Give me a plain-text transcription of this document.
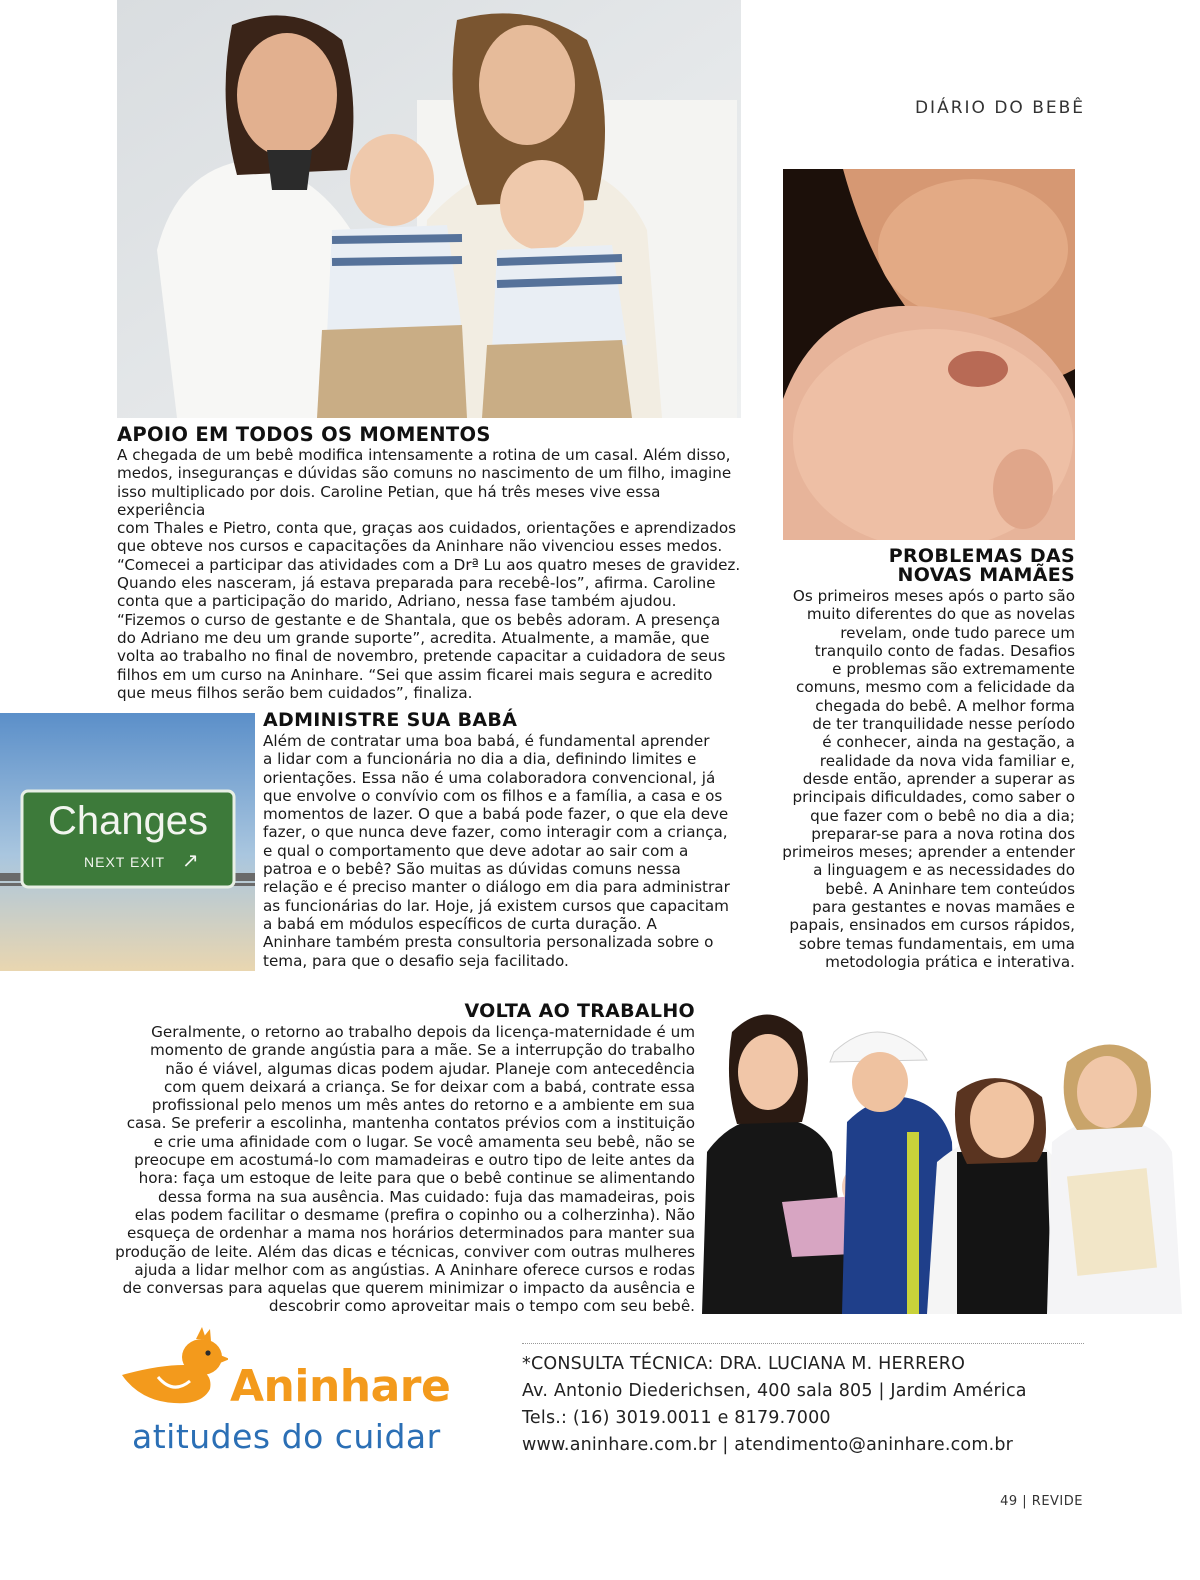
DIÁRIO DO BEBÊ
Changes
NEXT EXIT ↗
APOIO EM TODOS OS MOMENTOS
A chegada de um bebê modifica intensamente a rotina de um casal. Além disso,
medos, inseguranças e dúvidas são comuns no nascimento de um filho, imagine
isso multiplicado por dois. Caroline Petian, que há três meses vive essa experiência
com Thales e Pietro, conta que, graças aos cuidados, orientações e aprendizados
que obteve nos cursos e capacitações da Aninhare não vivenciou esses medos.
“Comecei a participar das atividades com a Drª Lu aos quatro meses de gravidez.
Quando eles nasceram, já estava preparada para recebê-los”, afirma. Caroline
conta que a participação do marido, Adriano, nessa fase também ajudou.
“Fizemos o curso de gestante e de Shantala, que os bebês adoram. A presença
do Adriano me deu um grande suporte”, acredita. Atualmente, a mamãe, que
volta ao trabalho no final de novembro, pretende capacitar a cuidadora de seus
filhos em um curso na Aninhare. “Sei que assim ficarei mais segura e acredito
que meus filhos serão bem cuidados”, finaliza.
PROBLEMAS DAS
NOVAS MAMÃES
Os primeiros meses após o parto são
muito diferentes do que as novelas
revelam, onde tudo parece um
tranquilo conto de fadas. Desafios
e problemas são extremamente
comuns, mesmo com a felicidade da
chegada do bebê. A melhor forma
de ter tranquilidade nesse período
é conhecer, ainda na gestação, a
realidade da nova vida familiar e,
desde então, aprender a superar as
principais dificuldades, como saber o
que fazer com o bebê no dia a dia;
preparar-se para a nova rotina dos
primeiros meses; aprender a entender
a linguagem e as necessidades do
bebê. A Aninhare tem conteúdos
para gestantes e novas mamães e
papais, ensinados em cursos rápidos,
sobre temas fundamentais, em uma
metodologia prática e interativa.
ADMINISTRE SUA BABÁ
Além de contratar uma boa babá, é fundamental aprender
a lidar com a funcionária no dia a dia, definindo limites e
orientações. Essa não é uma colaboradora convencional, já
que envolve o convívio com os filhos e a família, a casa e os
momentos de lazer. O que a babá pode fazer, o que ela deve
fazer, o que nunca deve fazer, como interagir com a criança,
e qual o comportamento que deve adotar ao sair com a
patroa e o bebê? São muitas as dúvidas comuns nessa
relação e é preciso manter o diálogo em dia para administrar
as funcionárias do lar. Hoje, já existem cursos que capacitam
a babá em módulos específicos de curta duração. A
Aninhare também presta consultoria personalizada sobre o
tema, para que o desafio seja facilitado.
VOLTA AO TRABALHO
Geralmente, o retorno ao trabalho depois da licença-maternidade é um
momento de grande angústia para a mãe. Se a interrupção do trabalho
não é viável, algumas dicas podem ajudar. Planeje com antecedência
com quem deixará a criança. Se for deixar com a babá, contrate essa
profissional pelo menos um mês antes do retorno e a ambiente em sua
casa. Se preferir a escolinha, mantenha contatos prévios com a instituição
e crie uma afinidade com o lugar. Se você amamenta seu bebê, não se
preocupe em acostumá-lo com mamadeiras e outro tipo de leite antes da
hora: faça um estoque de leite para que o bebê continue se alimentando
dessa forma na sua ausência. Mas cuidado: fuja das mamadeiras, pois
elas podem facilitar o desmame (prefira o copinho ou a colherzinha). Não
esqueça de ordenhar a mama nos horários determinados para manter sua
produção de leite. Além das dicas e técnicas, conviver com outras mulheres
ajuda a lidar melhor com as angústias. A Aninhare oferece cursos e rodas
de conversas para aquelas que querem minimizar o impacto da ausência e
descobrir como aproveitar mais o tempo com seu bebê.
Aninhare
atitudes do cuidar
*CONSULTA TÉCNICA: DRA. LUCIANA M. HERRERO
Av. Antonio Diederichsen, 400 sala 805 | Jardim América
Tels.: (16) 3019.0011 e 8179.7000
www.aninhare.com.br | atendimento@aninhare.com.br
49 | REVIDE
